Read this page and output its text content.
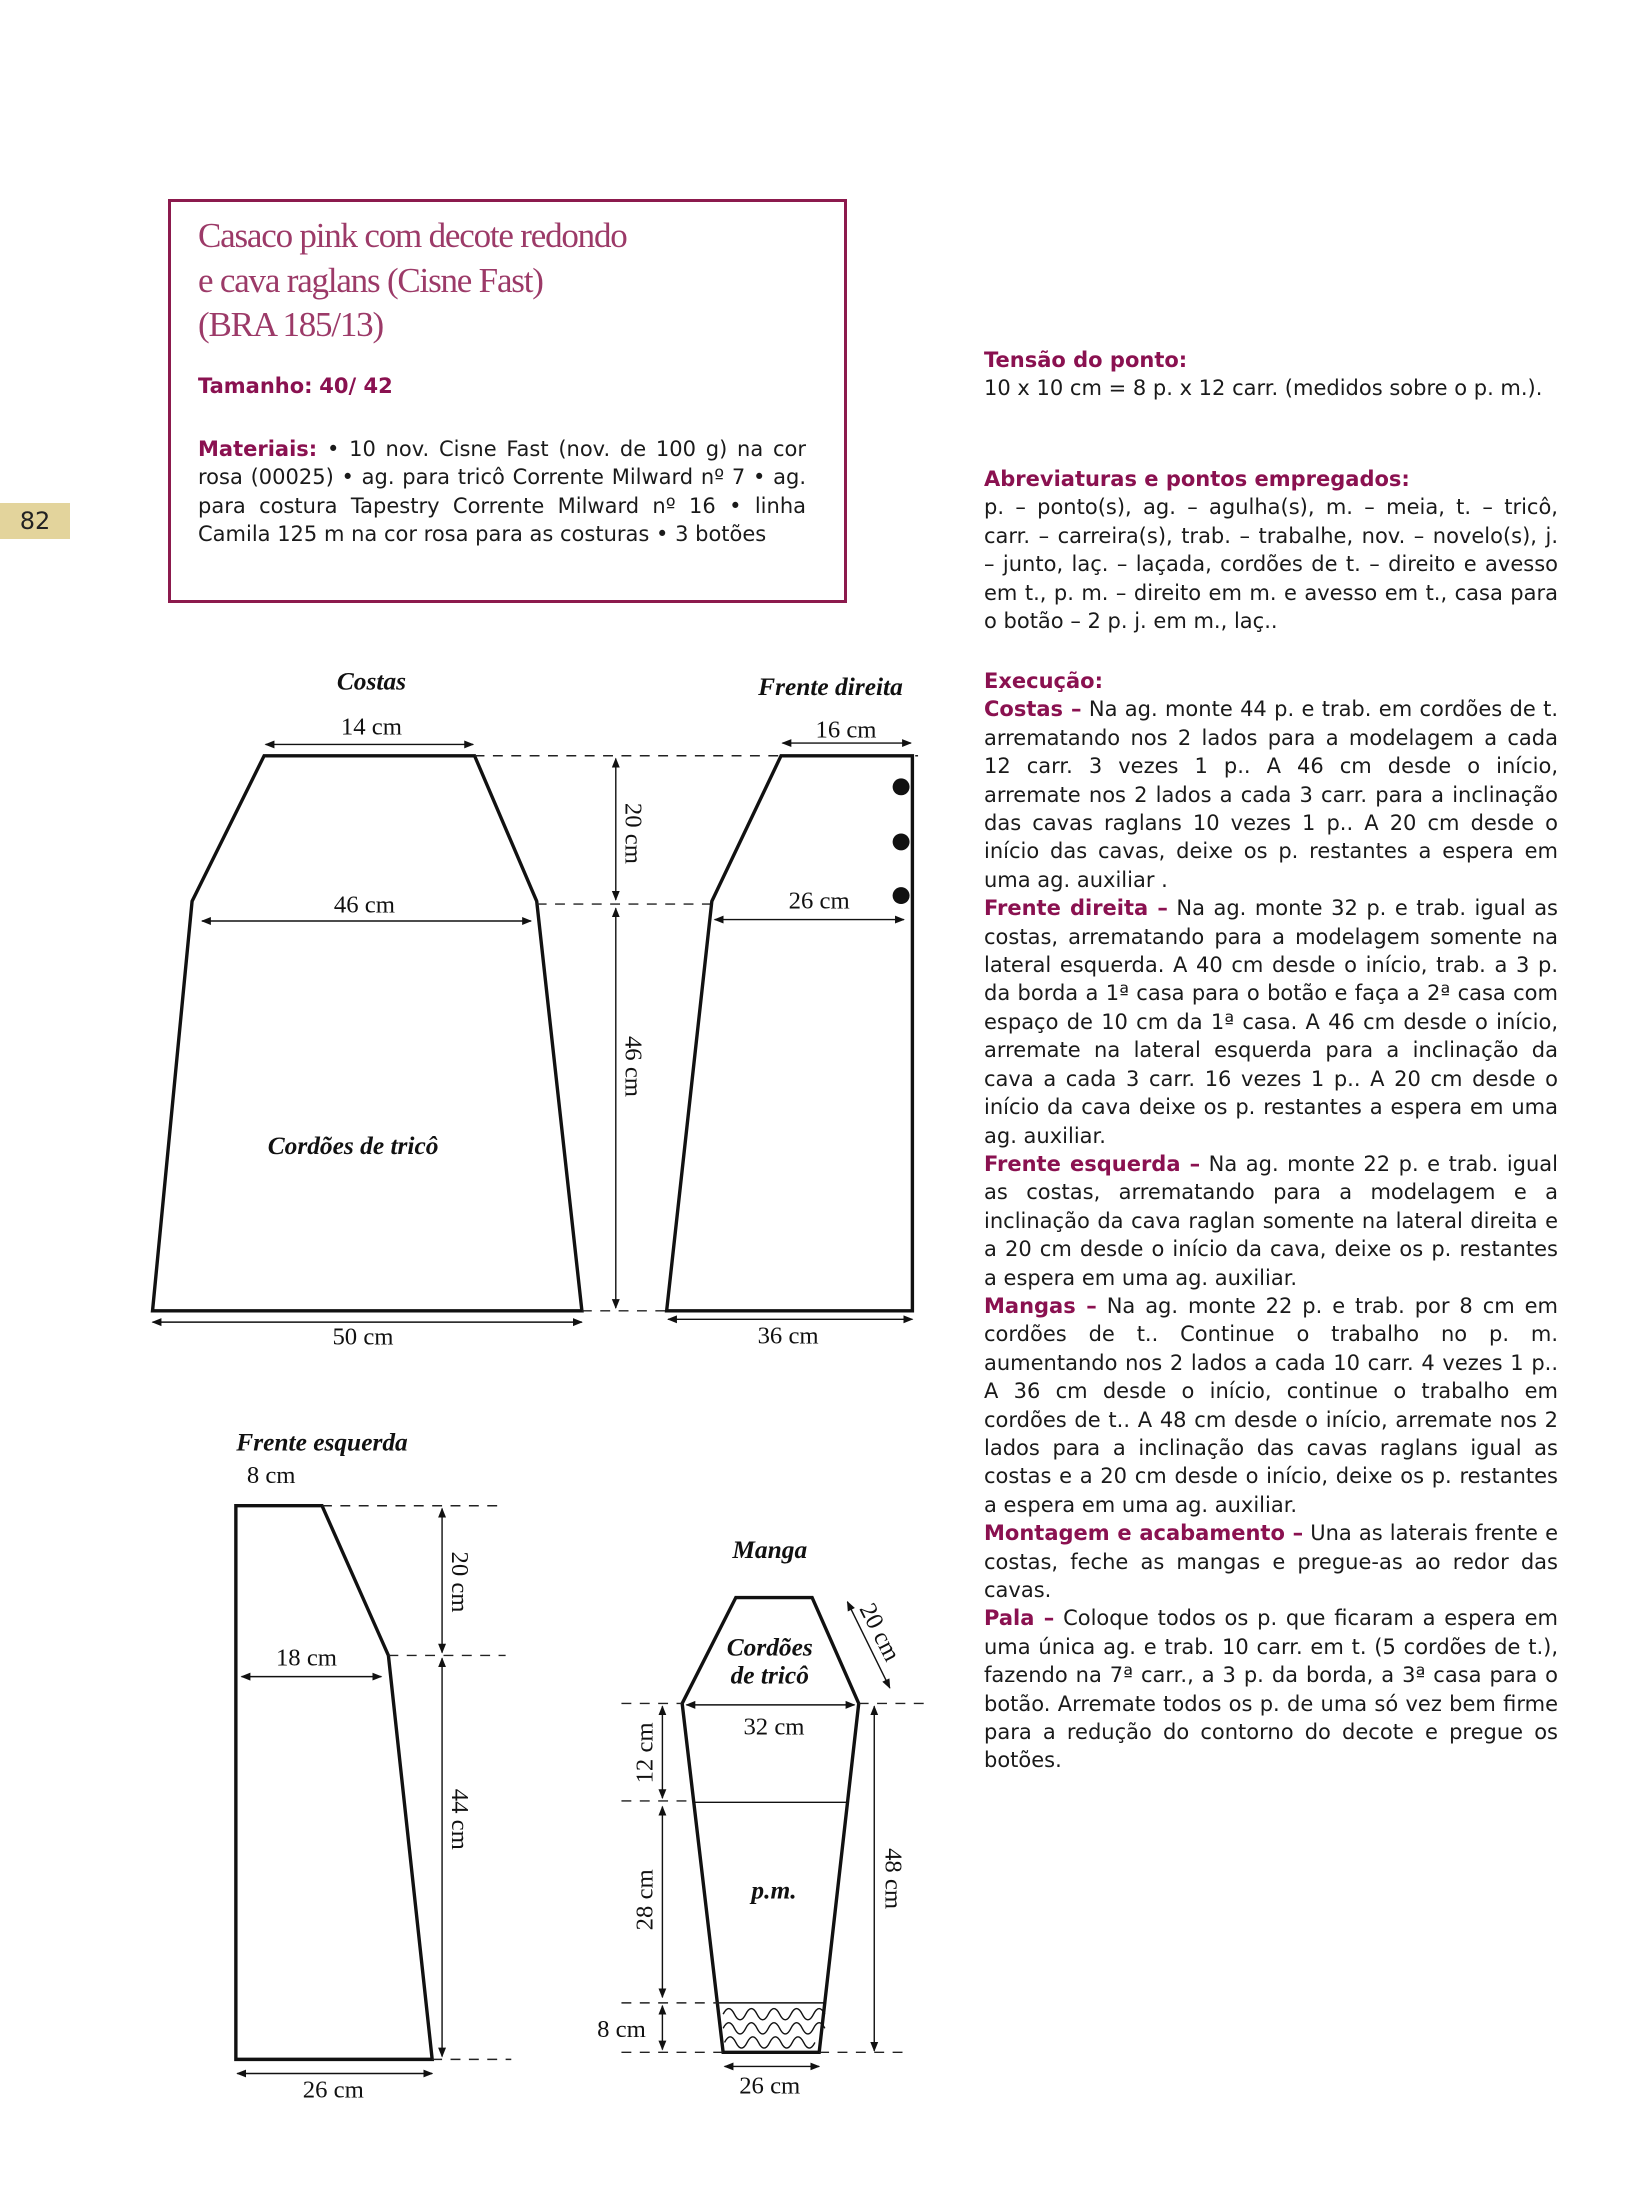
82
Casaco pink com decote redondo
e cava raglans (Cisne Fast)
(BRA 185/13)
Tamanho: 40/ 42
Materiais: • 10 nov. Cisne Fast (nov. de 100 g) na cor rosa (00025) • ag. para tricô Corrente Milward nº 7 • ag. para costura Tapestry Corrente Milward nº 16 • linha Camila 125 m na cor rosa para as costuras • 3 botões

Tensão do ponto:

10 x 10 cm = 8 p. x 12 carr. (medidos sobre o p. m.).

Abreviaturas e pontos empregados:

p. – ponto(s), ag. – agulha(s), m. – meia, t. – tricô, carr. – carreira(s), trab. – trabalhe, nov. – novelo(s), j. – junto, laç. – laçada, cordões de t. – direito e avesso em t., p. m. – direito em m. e avesso em t., casa para o botão – 2 p. j. em m., laç..

Execução:

Costas – Na ag. monte 44 p. e trab. em cordões de t. arrematando nos 2 lados para a modelagem a cada 12 carr. 3 vezes 1 p.. A 46 cm desde o início, arremate nos 2 lados a cada 3 carr. para a inclinação das cavas raglans 10 vezes 1 p.. A 20 cm desde o início das cavas, deixe os p. restantes a espera em uma ag. auxiliar .

Frente direita – Na ag. monte 32 p. e trab. igual as costas, arrematando para a modelagem somente na lateral esquerda. A 40 cm desde o início, trab. a 3 p. da borda a 1ª casa para o botão e faça a 2ª casa com espaço de 10 cm da 1ª casa. A 46 cm desde o início, arremate na lateral esquerda para a inclinação da cava a cada 3 carr. 16 vezes 1 p.. A 20 cm desde o início da cava deixe os p. restantes a espera em uma ag. auxiliar.

Frente esquerda – Na ag. monte 22 p. e trab. igual as costas, arrematando para a modelagem e a inclinação da cava raglan somente na lateral direita e a 20 cm desde o início da cava, deixe os p. restantes a espera em uma ag. auxiliar.

Mangas – Na ag. monte 22 p. e trab. por 8 cm em cordões de t.. Continue o trabalho no p. m. aumentando nos 2 lados a cada 10 carr. 4 vezes 1 p.. A 36 cm desde o início, continue o trabalho em cordões de t.. A 48 cm desde o início, arremate nos 2 lados para a inclinação das cavas raglans igual as costas e a 20 cm desde o início, deixe os p. restantes a espera em uma ag. auxiliar.

Montagem e acabamento – Una as laterais frente e costas, feche as mangas e pregue-as ao redor das cavas.

Pala – Coloque todos os p. que ficaram a espera em uma única ag. e trab. 10 carr. em t. (5 cordões de t.), fazendo na 7ª carr., a 3 p. da borda, a 3ª casa para o botão. Arremate todos os p. de uma só vez bem firme para a redução do contorno do decote e pregue os botões.

Costas
14 cm
46 cm
20 cm
46 cm
50 cm
Cordões de tricô
Frente direita
16 cm
26 cm
36 cm
Frente esquerda
8 cm
20 cm
44 cm
18 cm
26 cm
Manga
Cordões
de tricô
p.m.
20 cm
32 cm
12 cm
28 cm
8 cm
48 cm
26 cm
